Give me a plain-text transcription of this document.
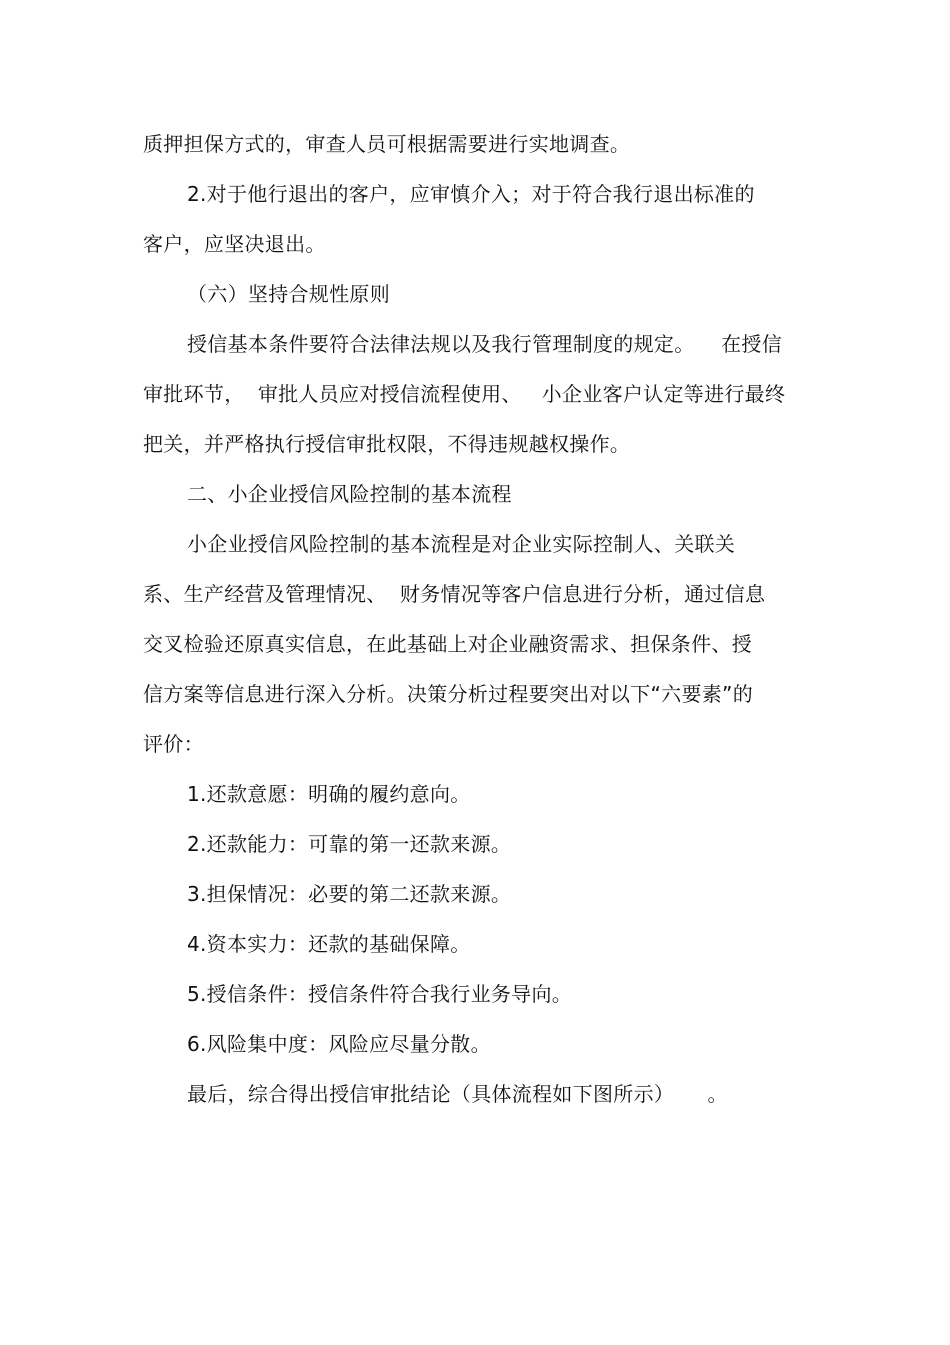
质押担保方式的，审查人员可根据需要进行实地调查。
2.对于他行退出的客户，应审慎介入；对于符合我行退出标准的
客户，应坚决退出。
（六）坚持合规性原则
授信基本条件要符合法律法规以及我行管理制度的规定。    在授信
审批环节，  审批人员应对授信流程使用、   小企业客户认定等进行最终
把关，并严格执行授信审批权限，不得违规越权操作。
二、小企业授信风险控制的基本流程
小企业授信风险控制的基本流程是对企业实际控制人、关联关
系、生产经营及管理情况、  财务情况等客户信息进行分析，通过信息
交叉检验还原真实信息，在此基础上对企业融资需求、担保条件、授
信方案等信息进行深入分析。决策分析过程要突出对以下“六要素”的
评价：
1.还款意愿：明确的履约意向。
2.还款能力：可靠的第一还款来源。
3.担保情况：必要的第二还款来源。
4.资本实力：还款的基础保障。
5.授信条件：授信条件符合我行业务导向。
6.风险集中度：风险应尽量分散。
最后，综合得出授信审批结论（具体流程如下图所示）     。
